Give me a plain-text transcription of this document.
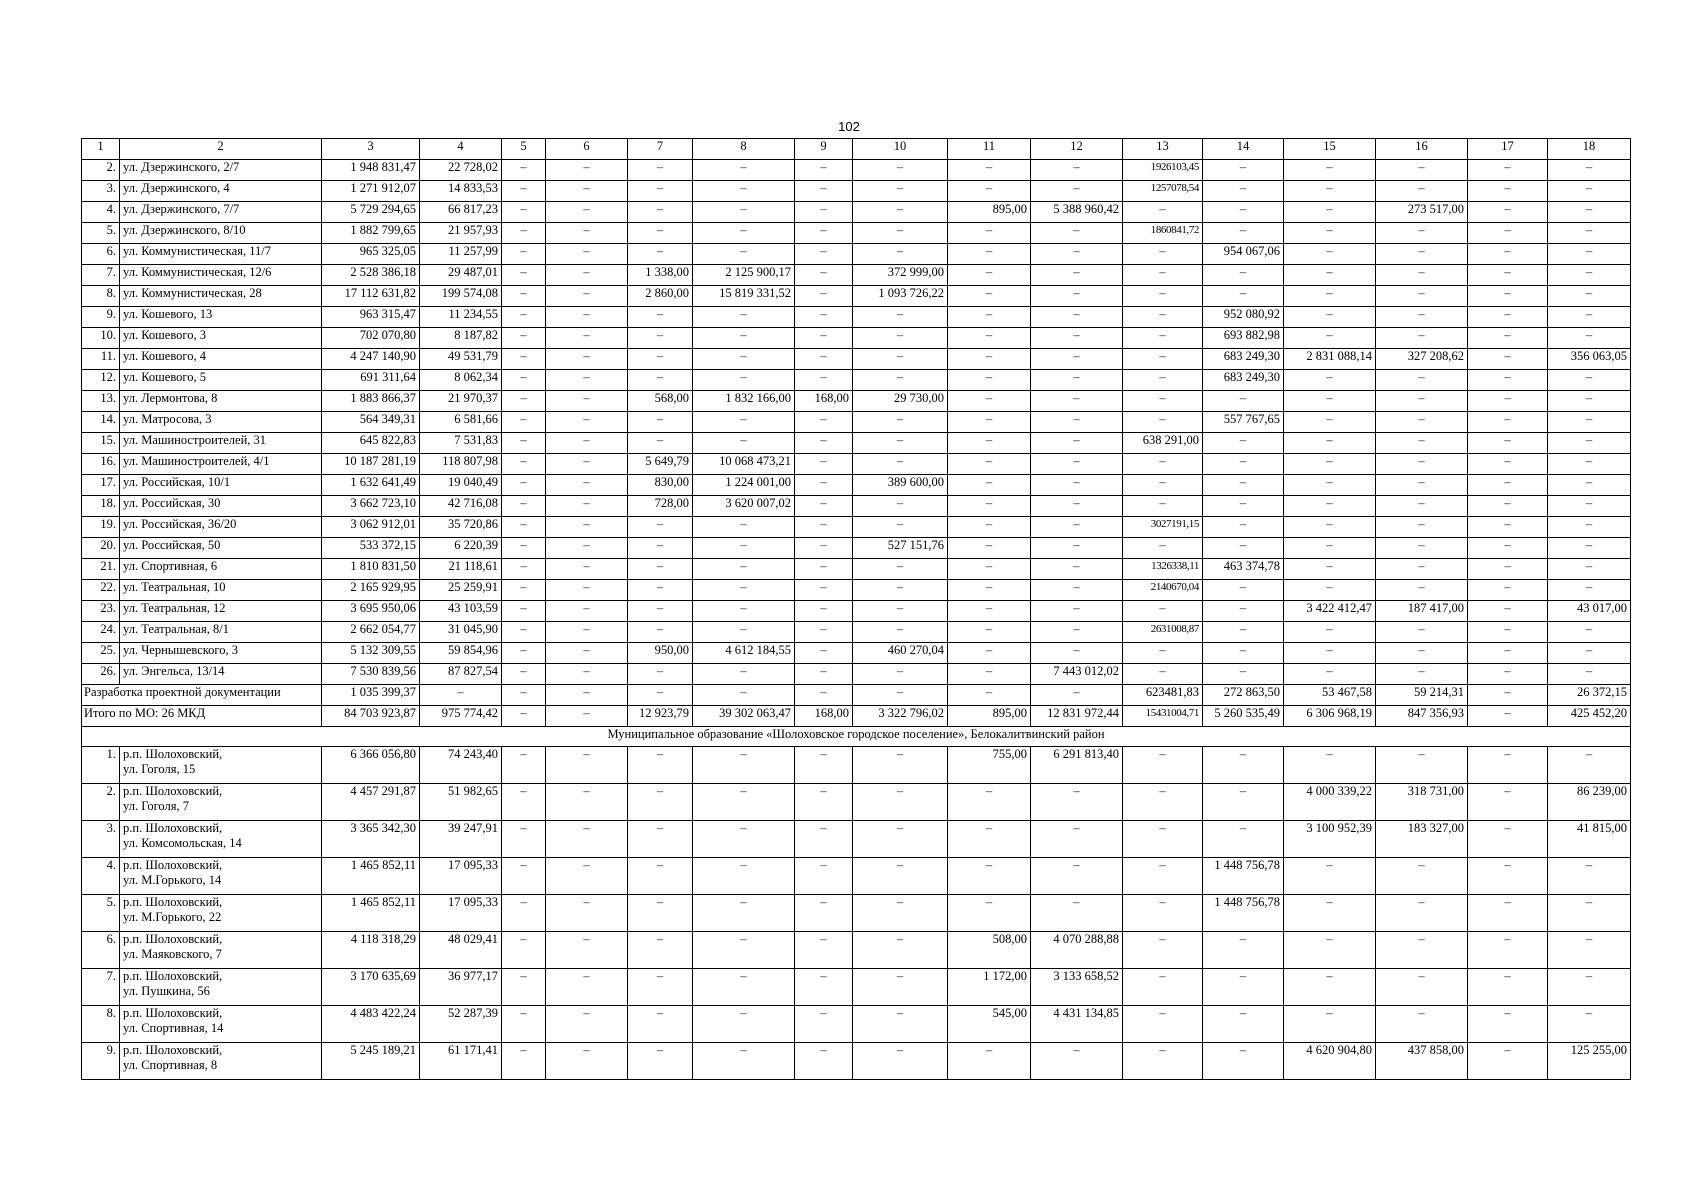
102
1	2	3	4	5	6	7	8	9	10	11	12	13	14	15	16	17	18
2.	ул. Дзержинского, 2/7	1 948 831,47	22 728,02	–	–	–	–	–	–	–	–	1926103,45	–	–	–	–	–
3.	ул. Дзержинского, 4	1 271 912,07	14 833,53	–	–	–	–	–	–	–	–	1257078,54	–	–	–	–	–
4.	ул. Дзержинского, 7/7	5 729 294,65	66 817,23	–	–	–	–	–	–	895,00	5 388 960,42	–	–	–	273 517,00	–	–
5.	ул. Дзержинского, 8/10	1 882 799,65	21 957,93	–	–	–	–	–	–	–	–	1860841,72	–	–	–	–	–
6.	ул. Коммунистическая, 11/7	965 325,05	11 257,99	–	–	–	–	–	–	–	–	–	954 067,06	–	–	–	–
7.	ул. Коммунистическая, 12/6	2 528 386,18	29 487,01	–	–	1 338,00	2 125 900,17	–	372 999,00	–	–	–	–	–	–	–	–
8.	ул. Коммунистическая, 28	17 112 631,82	199 574,08	–	–	2 860,00	15 819 331,52	–	1 093 726,22	–	–	–	–	–	–	–	–
9.	ул. Кошевого, 13	963 315,47	11 234,55	–	–	–	–	–	–	–	–	–	952 080,92	–	–	–	–
10.	ул. Кошевого, 3	702 070,80	8 187,82	–	–	–	–	–	–	–	–	–	693 882,98	–	–	–	–
11.	ул. Кошевого, 4	4 247 140,90	49 531,79	–	–	–	–	–	–	–	–	–	683 249,30	2 831 088,14	327 208,62	–	356 063,05
12.	ул. Кошевого, 5	691 311,64	8 062,34	–	–	–	–	–	–	–	–	–	683 249,30	–	–	–	–
13.	ул. Лермонтова, 8	1 883 866,37	21 970,37	–	–	568,00	1 832 166,00	168,00	29 730,00	–	–	–	–	–	–	–	–
14.	ул. Матросова, 3	564 349,31	6 581,66	–	–	–	–	–	–	–	–	–	557 767,65	–	–	–	–
15.	ул. Машиностроителей, 31	645 822,83	7 531,83	–	–	–	–	–	–	–	–	638 291,00	–	–	–	–	–
16.	ул. Машиностроителей, 4/1	10 187 281,19	118 807,98	–	–	5 649,79	10 068 473,21	–	–	–	–	–	–	–	–	–	–
17.	ул. Российская, 10/1	1 632 641,49	19 040,49	–	–	830,00	1 224 001,00	–	389 600,00	–	–	–	–	–	–	–	–
18.	ул. Российская, 30	3 662 723,10	42 716,08	–	–	728,00	3 620 007,02	–	–	–	–	–	–	–	–	–	–
19.	ул. Российская, 36/20	3 062 912,01	35 720,86	–	–	–	–	–	–	–	–	3027191,15	–	–	–	–	–
20.	ул. Российская, 50	533 372,15	6 220,39	–	–	–	–	–	527 151,76	–	–	–	–	–	–	–	–
21.	ул. Спортивная, 6	1 810 831,50	21 118,61	–	–	–	–	–	–	–	–	1326338,11	463 374,78	–	–	–	–
22.	ул. Театральная, 10	2 165 929,95	25 259,91	–	–	–	–	–	–	–	–	2140670,04	–	–	–	–	–
23.	ул. Театральная, 12	3 695 950,06	43 103,59	–	–	–	–	–	–	–	–	–	–	3 422 412,47	187 417,00	–	43 017,00
24.	ул. Театральная, 8/1	2 662 054,77	31 045,90	–	–	–	–	–	–	–	–	2631008,87	–	–	–	–	–
25.	ул. Чернышевского, 3	5 132 309,55	59 854,96	–	–	950,00	4 612 184,55	–	460 270,04	–	–	–	–	–	–	–	–
26.	ул. Энгельса, 13/14	7 530 839,56	87 827,54	–	–	–	–	–	–	–	7 443 012,02	–	–	–	–	–	–
Разработка проектной документации		1 035 399,37	–	–	–	–	–	–	–	–	–	623481,83	272 863,50	53 467,58	59 214,31	–	26 372,15
Итого по МО: 26 МКД		84 703 923,87	975 774,42	–	–	12 923,79	39 302 063,47	168,00	3 322 796,02	895,00	12 831 972,44	15431004,71	5 260 535,49	6 306 968,19	847 356,93	–	425 452,20
Муниципальное образование «Шолоховское городское поселение», Белокалитвинский район																	
1.	р.п. Шолоховский,
ул. Гоголя, 15	6 366 056,80	74 243,40	–	–	–	–	–	–	755,00	6 291 813,40	–	–	–	–	–	–
2.	р.п. Шолоховский,
ул. Гоголя, 7	4 457 291,87	51 982,65	–	–	–	–	–	–	–	–	–	–	4 000 339,22	318 731,00	–	86 239,00
3.	р.п. Шолоховский,
ул. Комсомольская, 14	3 365 342,30	39 247,91	–	–	–	–	–	–	–	–	–	–	3 100 952,39	183 327,00	–	41 815,00
4.	р.п. Шолоховский,
ул. М.Горького, 14	1 465 852,11	17 095,33	–	–	–	–	–	–	–	–	–	1 448 756,78	–	–	–	–
5.	р.п. Шолоховский,
ул. М.Горького, 22	1 465 852,11	17 095,33	–	–	–	–	–	–	–	–	–	1 448 756,78	–	–	–	–
6.	р.п. Шолоховский,
ул. Маяковского, 7	4 118 318,29	48 029,41	–	–	–	–	–	–	508,00	4 070 288,88	–	–	–	–	–	–
7.	р.п. Шолоховский,
ул. Пушкина, 56	3 170 635,69	36 977,17	–	–	–	–	–	–	1 172,00	3 133 658,52	–	–	–	–	–	–
8.	р.п. Шолоховский,
ул. Спортивная, 14	4 483 422,24	52 287,39	–	–	–	–	–	–	545,00	4 431 134,85	–	–	–	–	–	–
9.	р.п. Шолоховский,
ул. Спортивная, 8	5 245 189,21	61 171,41	–	–	–	–	–	–	–	–	–	–	4 620 904,80	437 858,00	–	125 255,00
